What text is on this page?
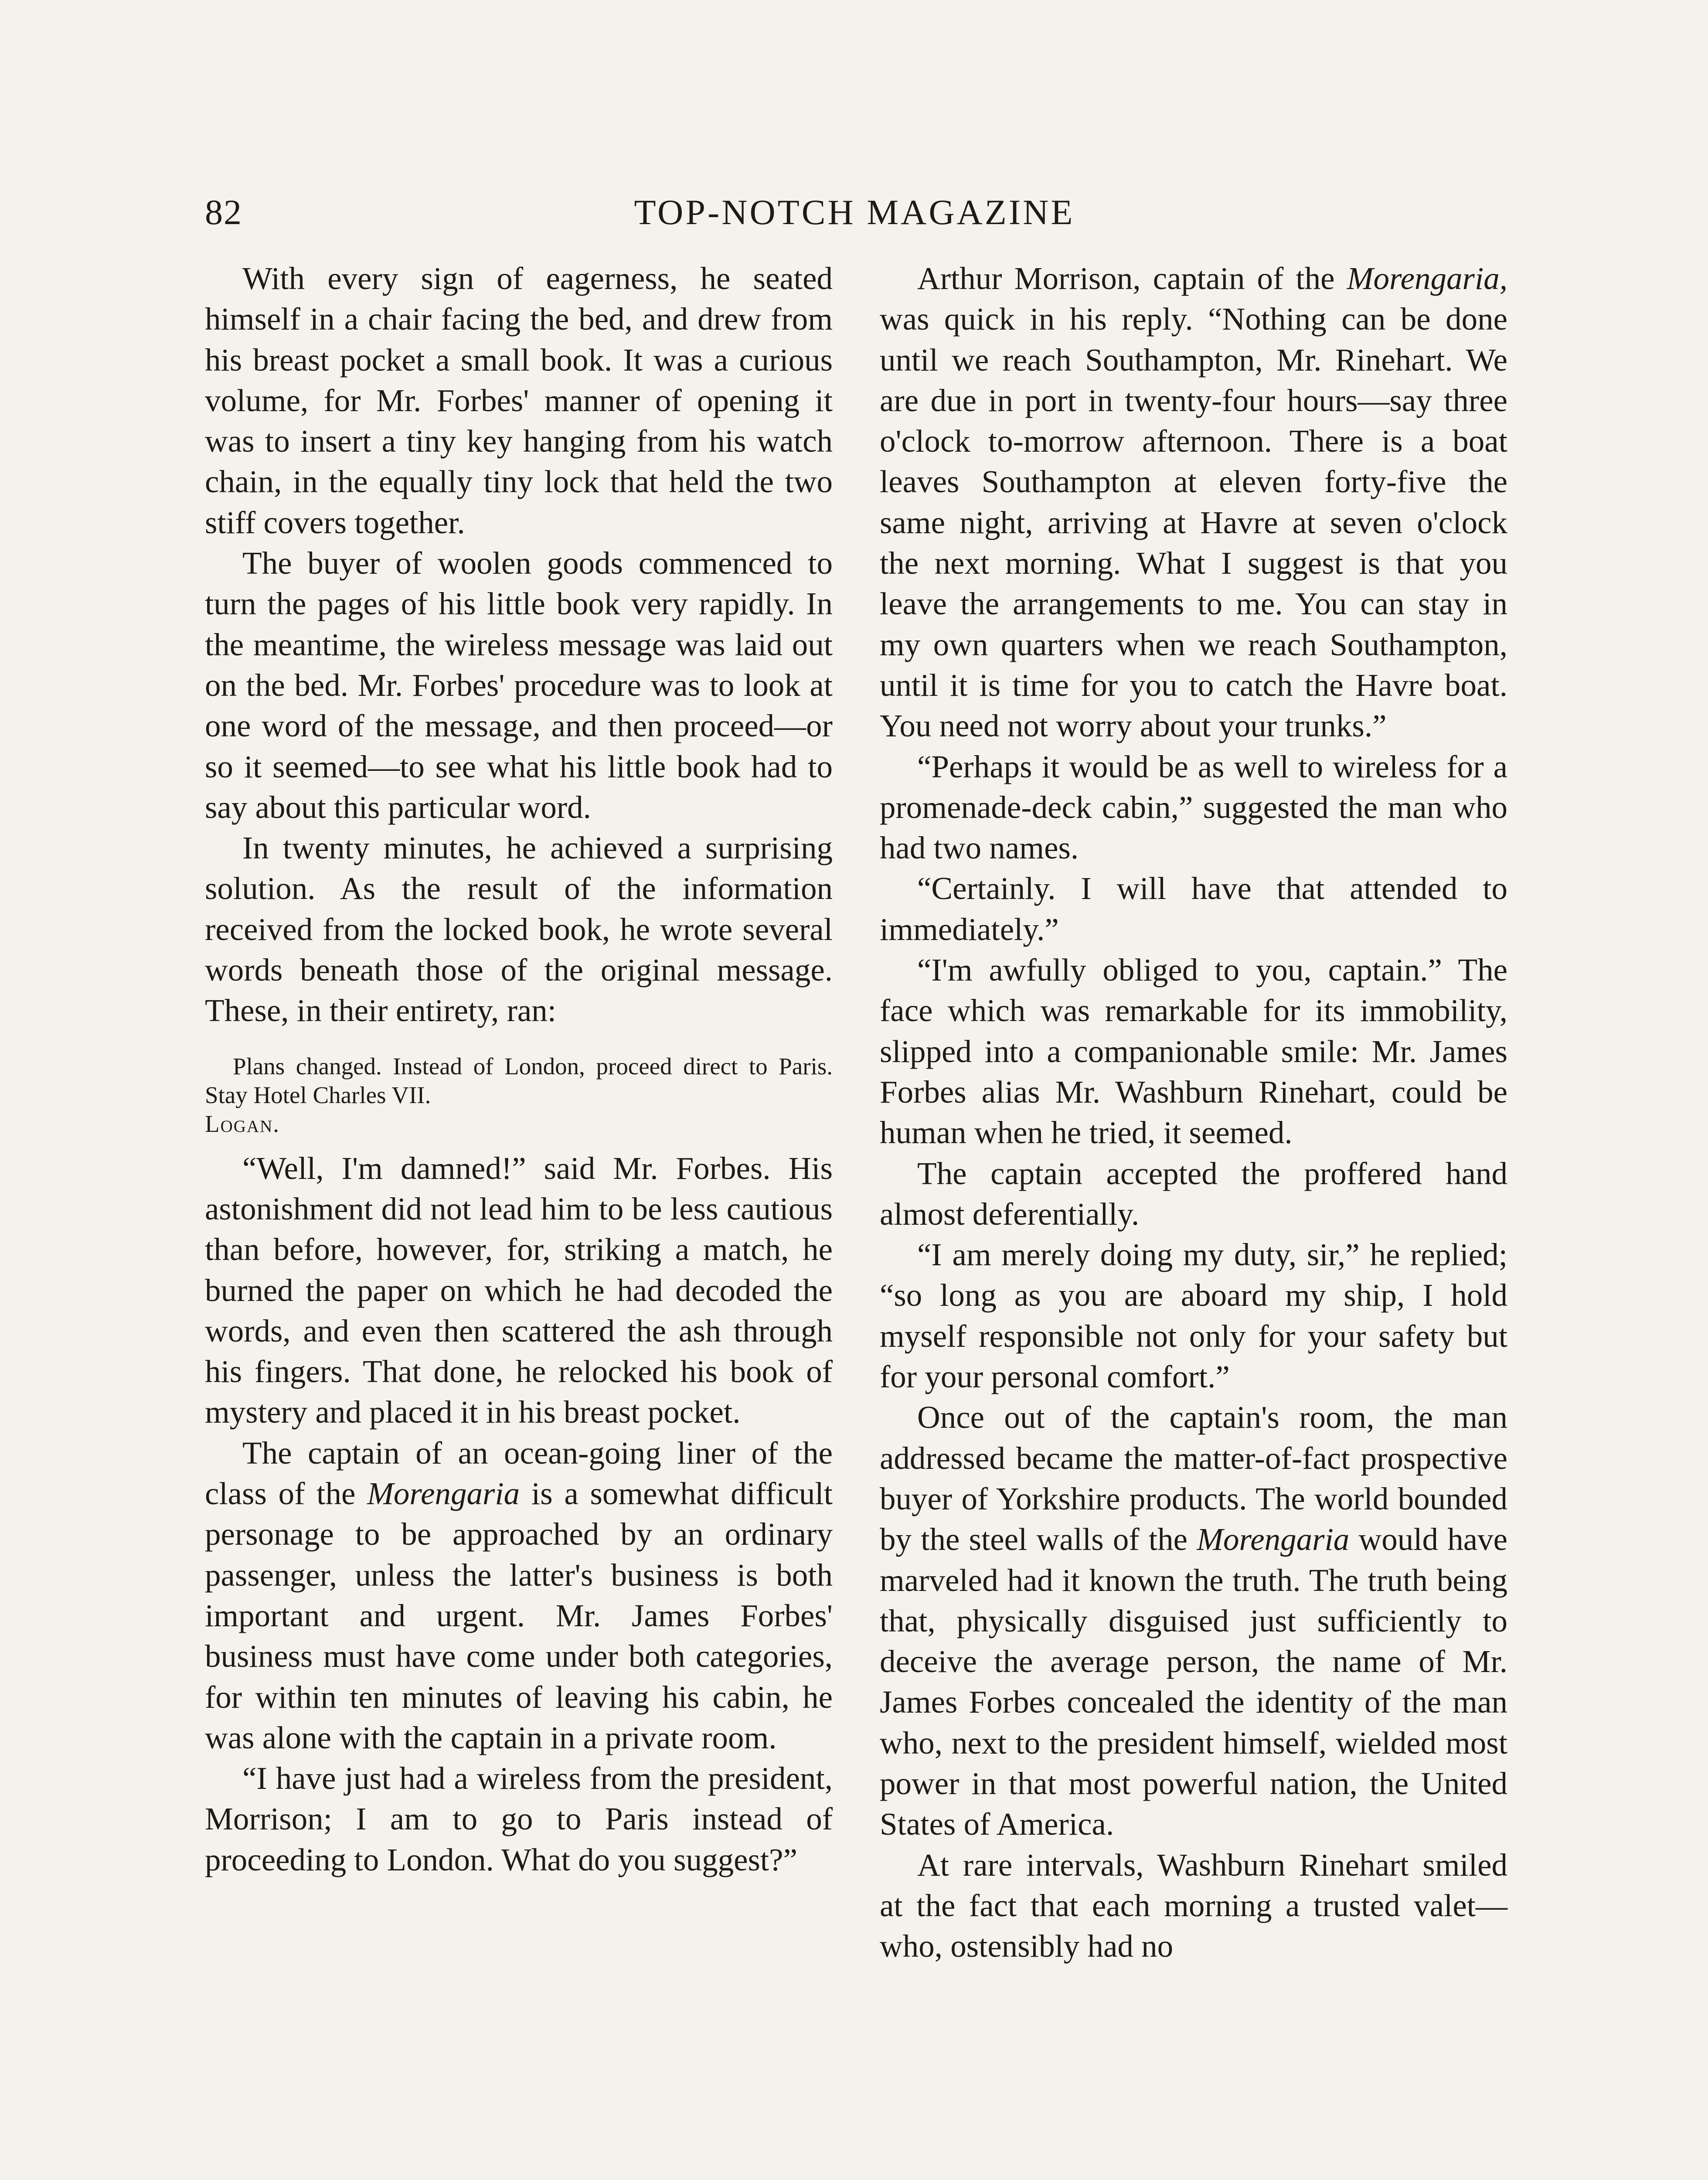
82	TOP-NOTCH MAGAZINE

With every sign of eagerness, he seated himself in a chair facing the bed, and drew from his breast pocket a small book. It was a curious volume, for Mr. Forbes' manner of opening it was to insert a tiny key hanging from his watch chain, in the equally tiny lock that held the two stiff covers together.

The buyer of woolen goods commenced to turn the pages of his little book very rapidly. In the meantime, the wireless message was laid out on the bed. Mr. Forbes' procedure was to look at one word of the message, and then proceed—or so it seemed—to see what his little book had to say about this particular word.

In twenty minutes, he achieved a surprising solution. As the result of the information received from the locked book, he wrote several words beneath those of the original message. These, in their entirety, ran:

Plans changed. Instead of London, proceed direct to Paris. Stay Hotel Charles VII.
Logan.

“Well, I'm damned!” said Mr. Forbes. His astonishment did not lead him to be less cautious than before, however, for, striking a match, he burned the paper on which he had decoded the words, and even then scattered the ash through his fingers. That done, he relocked his book of mystery and placed it in his breast pocket.

The captain of an ocean-going liner of the class of the Morengaria is a somewhat difficult personage to be approached by an ordinary passenger, unless the latter's business is both important and urgent. Mr. James Forbes' business must have come under both categories, for within ten minutes of leaving his cabin, he was alone with the captain in a private room.

“I have just had a wireless from the president, Morrison; I am to go to Paris instead of proceeding to London. What do you suggest?”

Arthur Morrison, captain of the Morengaria, was quick in his reply. “Nothing can be done until we reach Southampton, Mr. Rinehart. We are due in port in twenty-four hours—say three o'clock to-morrow afternoon. There is a boat leaves Southampton at eleven forty-five the same night, arriving at Havre at seven o'clock the next morning. What I suggest is that you leave the arrangements to me. You can stay in my own quarters when we reach Southampton, until it is time for you to catch the Havre boat. You need not worry about your trunks.”

“Perhaps it would be as well to wireless for a promenade-deck cabin,” suggested the man who had two names.

“Certainly. I will have that attended to immediately.”

“I'm awfully obliged to you, captain.” The face which was remarkable for its immobility, slipped into a companionable smile: Mr. James Forbes alias Mr. Washburn Rinehart, could be human when he tried, it seemed.

The captain accepted the proffered hand almost deferentially.

“I am merely doing my duty, sir,” he replied; “so long as you are aboard my ship, I hold myself responsible not only for your safety but for your personal comfort.”

Once out of the captain's room, the man addressed became the matter-of-fact prospective buyer of Yorkshire products. The world bounded by the steel walls of the Morengaria would have marveled had it known the truth. The truth being that, physically disguised just sufficiently to deceive the average person, the name of Mr. James Forbes concealed the identity of the man who, next to the president himself, wielded most power in that most powerful nation, the United States of America.

At rare intervals, Washburn Rinehart smiled at the fact that each morning a trusted valet—who, ostensibly had no
